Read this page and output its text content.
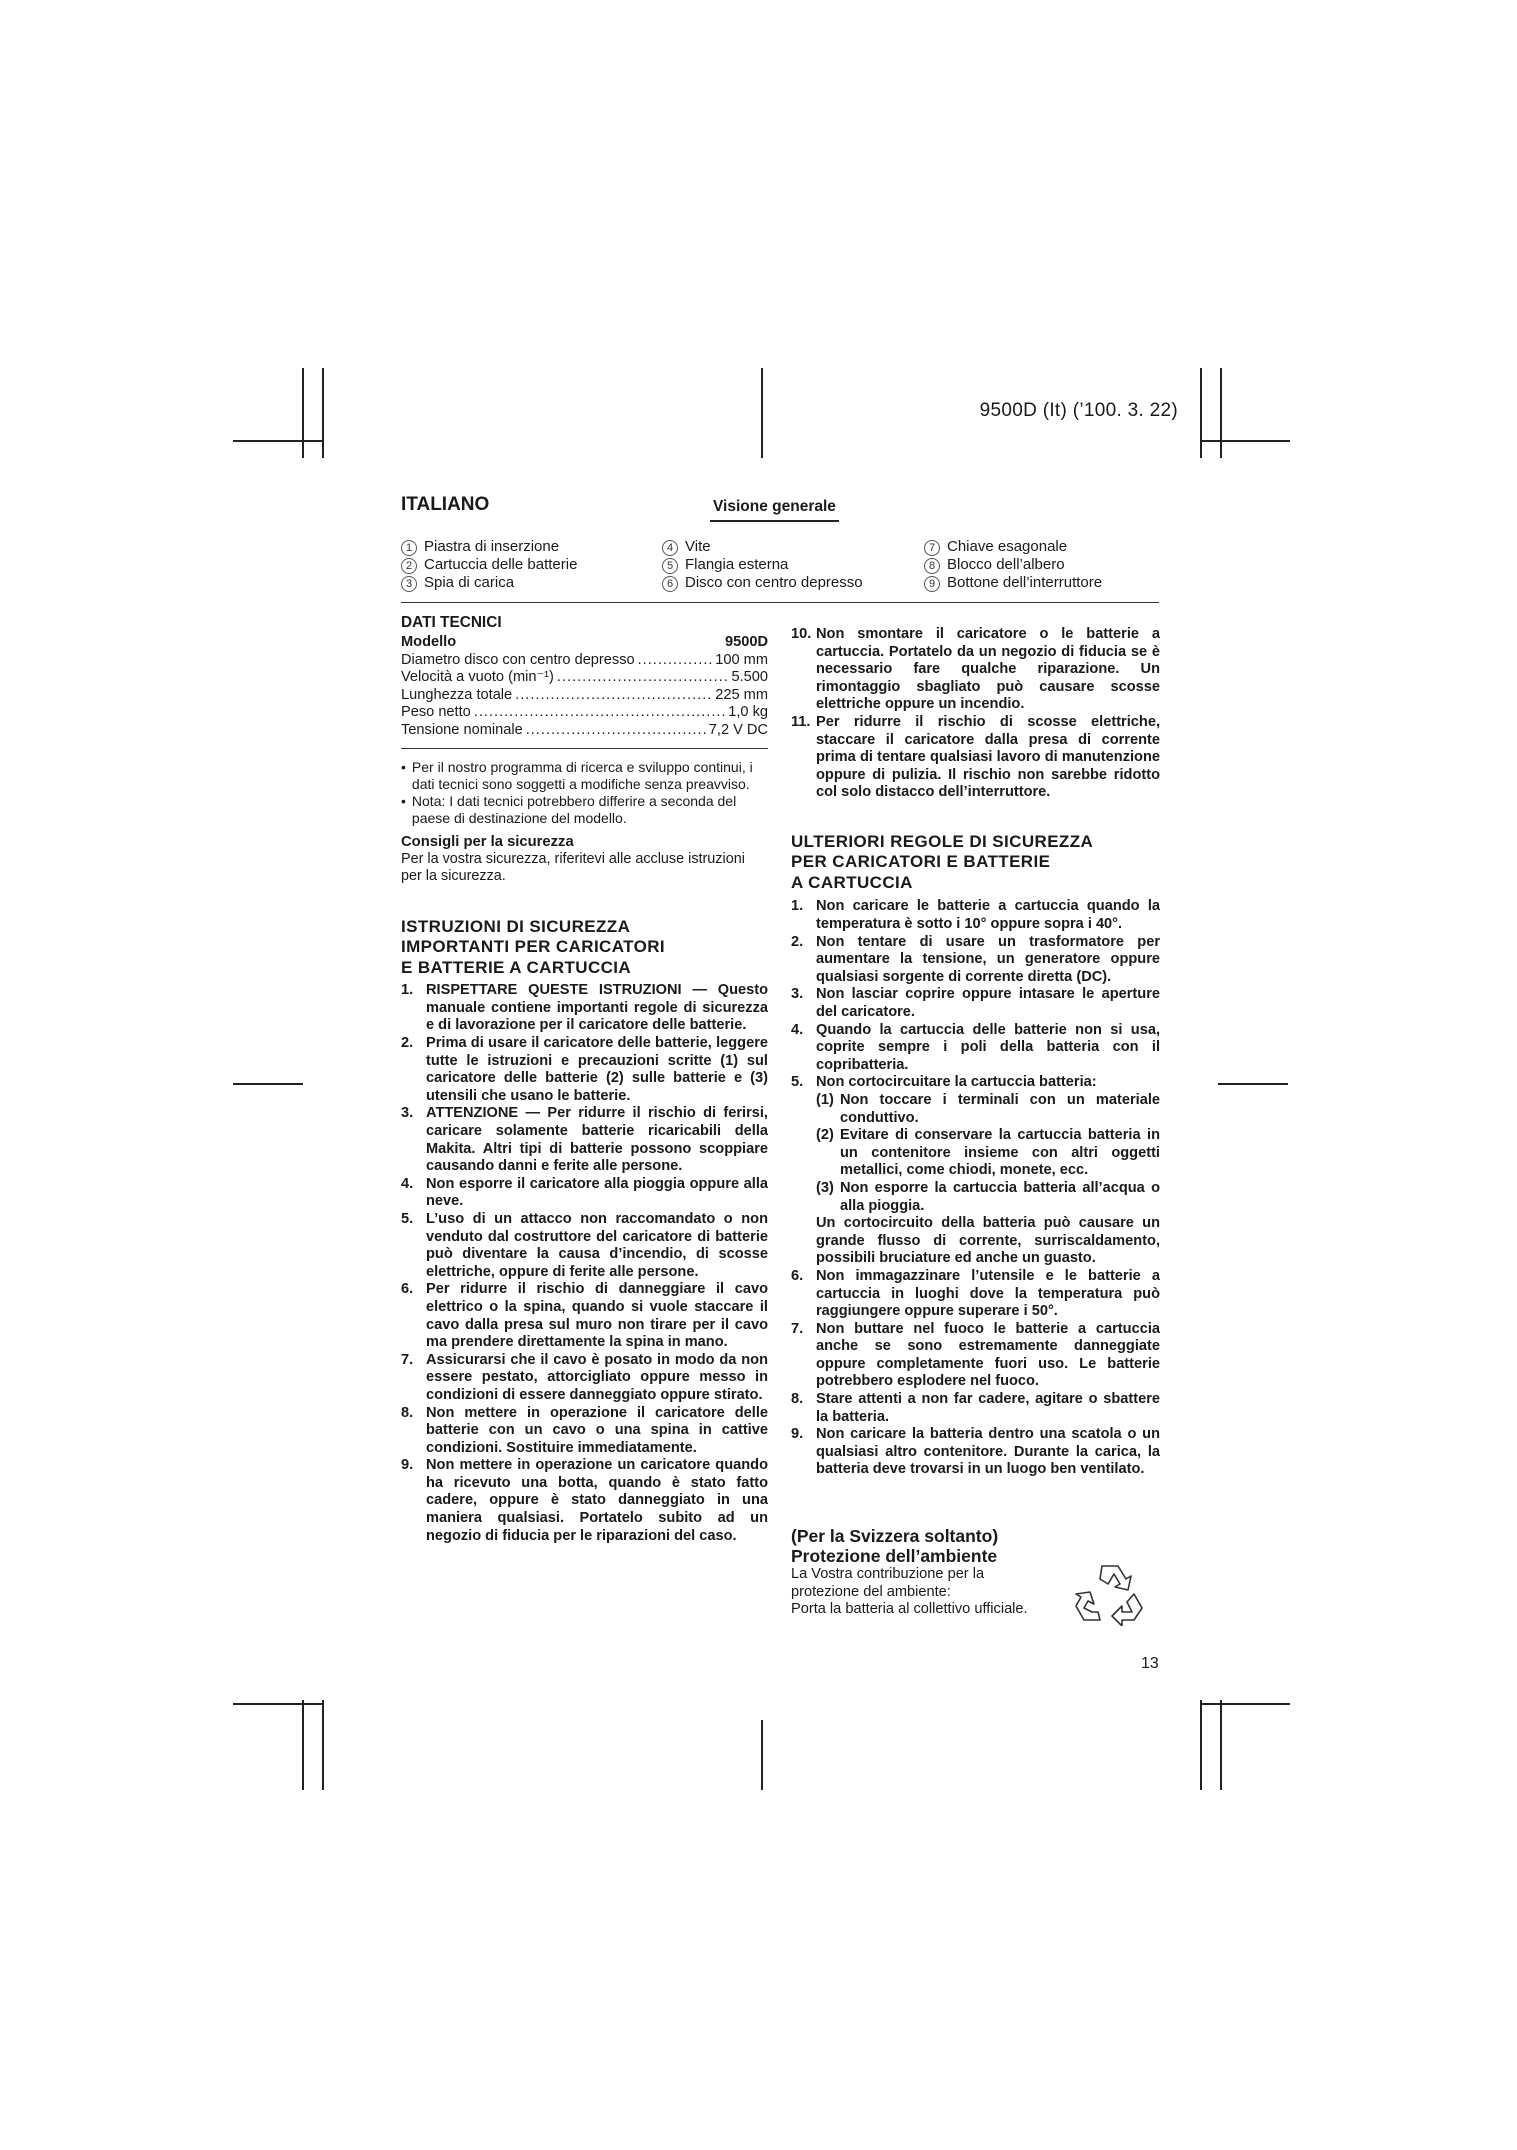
9500D (It) (’100. 3. 22)
ITALIANO	Visione generale
1 Piastra di inserzione
2 Cartuccia delle batterie
3 Spia di carica
4 Vite
5 Flangia esterna
6 Disco con centro depresso
7 Chiave esagonale
8 Blocco dell’albero
9 Bottone dell’interruttore
DATI TECNICI
Modello	9500D
Diametro disco con centro depresso .....	100 mm
Velocità a vuoto (min⁻¹) .....	5.500
Lunghezza totale .....	225 mm
Peso netto .....	1,0 kg
Tensione nominale .....	7,2 V DC
• Per il nostro programma di ricerca e sviluppo continui, i dati tecnici sono soggetti a modifiche senza preavviso.
• Nota: I dati tecnici potrebbero differire a seconda del paese di destinazione del modello.
Consigli per la sicurezza
Per la vostra sicurezza, riferitevi alle accluse istruzioni per la sicurezza.
ISTRUZIONI DI SICUREZZA
IMPORTANTI PER CARICATORI
E BATTERIE A CARTUCCIA
1. RISPETTARE QUESTE ISTRUZIONI — Questo manuale contiene importanti regole di sicurezza e di lavorazione per il caricatore delle batterie.
2. Prima di usare il caricatore delle batterie, leggere tutte le istruzioni e precauzioni scritte (1) sul caricatore delle batterie (2) sulle batterie e (3) utensili che usano le batterie.
3. ATTENZIONE — Per ridurre il rischio di ferirsi, caricare solamente batterie ricaricabili della Makita. Altri tipi di batterie possono scoppiare causando danni e ferite alle persone.
4. Non esporre il caricatore alla pioggia oppure alla neve.
5. L’uso di un attacco non raccomandato o non venduto dal costruttore del caricatore di batterie può diventare la causa d’incendio, di scosse elettriche, oppure di ferite alle persone.
6. Per ridurre il rischio di danneggiare il cavo elettrico o la spina, quando si vuole staccare il cavo dalla presa sul muro non tirare per il cavo ma prendere direttamente la spina in mano.
7. Assicurarsi che il cavo è posato in modo da non essere pestato, attorcigliato oppure messo in condizioni di essere danneggiato oppure stirato.
8. Non mettere in operazione il caricatore delle batterie con un cavo o una spina in cattive condizioni. Sostituire immediatamente.
9. Non mettere in operazione un caricatore quando ha ricevuto una botta, quando è stato fatto cadere, oppure è stato danneggiato in una maniera qualsiasi. Portatelo subito ad un negozio di fiducia per le riparazioni del caso.
10. Non smontare il caricatore o le batterie a cartuccia. Portatelo da un negozio di fiducia se è necessario fare qualche riparazione. Un rimontaggio sbagliato può causare scosse elettriche oppure un incendio.
11. Per ridurre il rischio di scosse elettriche, staccare il caricatore dalla presa di corrente prima di tentare qualsiasi lavoro di manutenzione oppure di pulizia. Il rischio non sarebbe ridotto col solo distacco dell’interruttore.
ULTERIORI REGOLE DI SICUREZZA
PER CARICATORI E BATTERIE
A CARTUCCIA
1. Non caricare le batterie a cartuccia quando la temperatura è sotto i 10° oppure sopra i 40°.
2. Non tentare di usare un trasformatore per aumentare la tensione, un generatore oppure qualsiasi sorgente di corrente diretta (DC).
3. Non lasciar coprire oppure intasare le aperture del caricatore.
4. Quando la cartuccia delle batterie non si usa, coprite sempre i poli della batteria con il copribatteria.
5. Non cortocircuitare la cartuccia batteria:
(1) Non toccare i terminali con un materiale conduttivo.
(2) Evitare di conservare la cartuccia batteria in un contenitore insieme con altri oggetti metallici, come chiodi, monete, ecc.
(3) Non esporre la cartuccia batteria all’acqua o alla pioggia.
Un cortocircuito della batteria può causare un grande flusso di corrente, surriscaldamento, possibili bruciature ed anche un guasto.
6. Non immagazzinare l’utensile e le batterie a cartuccia in luoghi dove la temperatura può raggiungere oppure superare i 50°.
7. Non buttare nel fuoco le batterie a cartuccia anche se sono estremamente danneggiate oppure completamente fuori uso. Le batterie potrebbero esplodere nel fuoco.
8. Stare attenti a non far cadere, agitare o sbattere la batteria.
9. Non caricare la batteria dentro una scatola o un qualsiasi altro contenitore. Durante la carica, la batteria deve trovarsi in un luogo ben ventilato.
(Per la Svizzera soltanto)
Protezione dell’ambiente
La Vostra contribuzione per la protezione del ambiente:
Porta la batteria al collettivo ufficiale.
13
